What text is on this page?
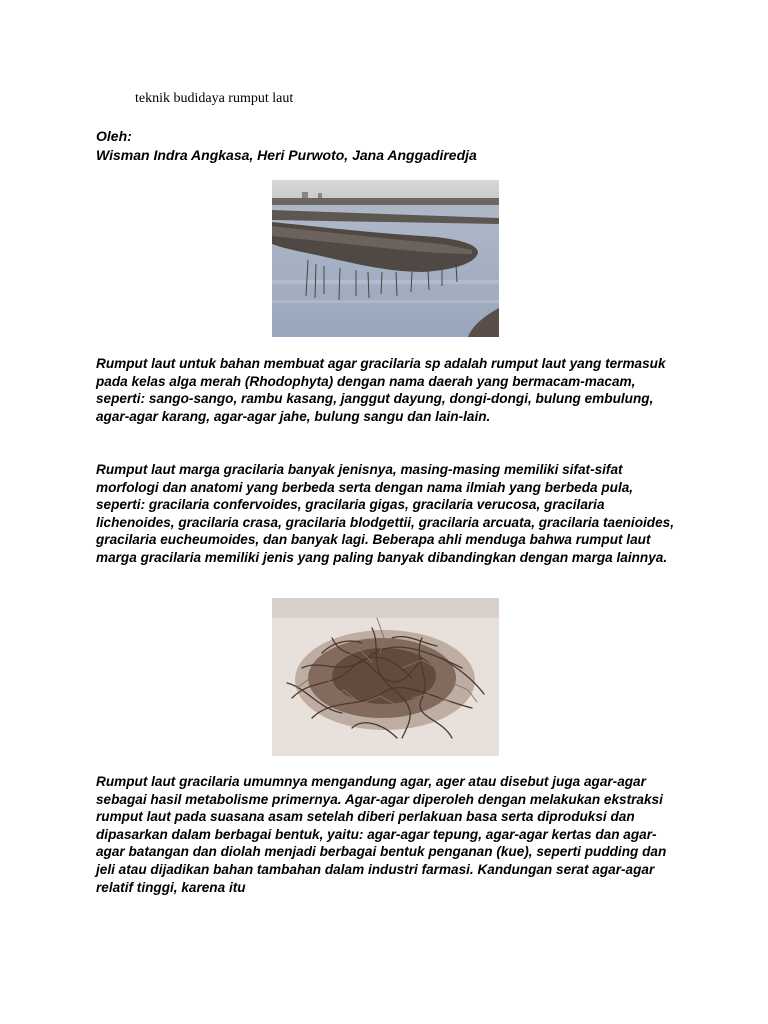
teknik budidaya rumput laut
Oleh:
Wisman Indra Angkasa, Heri Purwoto, Jana Anggadiredja

Rumput laut untuk bahan membuat agar gracilaria sp adalah rumput laut yang termasuk pada kelas alga merah (Rhodophyta) dengan nama daerah yang bermacam-macam, seperti: sango-sango, rambu kasang, janggut dayung, dongi-dongi, bulung embulung, agar-agar karang, agar-agar jahe, bulung sangu dan lain-lain.

Rumput laut marga gracilaria banyak jenisnya, masing-masing memiliki sifat-sifat morfologi dan anatomi yang berbeda serta dengan nama ilmiah yang berbeda pula, seperti: gracilaria confervoides, gracilaria gigas, gracilaria verucosa, gracilaria lichenoides, gracilaria crasa, gracilaria blodgettii, gracilaria arcuata, gracilaria taenioides, gracilaria eucheumoides, dan banyak lagi. Beberapa ahli menduga bahwa rumput laut marga gracilaria memiliki jenis yang paling banyak dibandingkan dengan marga lainnya.

Rumput laut gracilaria umumnya mengandung agar, ager atau disebut juga agar-agar sebagai hasil metabolisme primernya. Agar-agar diperoleh dengan melakukan ekstraksi rumput laut pada suasana asam setelah diberi perlakuan basa serta diproduksi dan dipasarkan dalam berbagai bentuk, yaitu: agar-agar tepung, agar-agar kertas dan agar-agar batangan dan diolah menjadi berbagai bentuk penganan (kue), seperti pudding dan jeli atau dijadikan bahan tambahan dalam industri farmasi. Kandungan serat agar-agar relatif tinggi, karena itu
